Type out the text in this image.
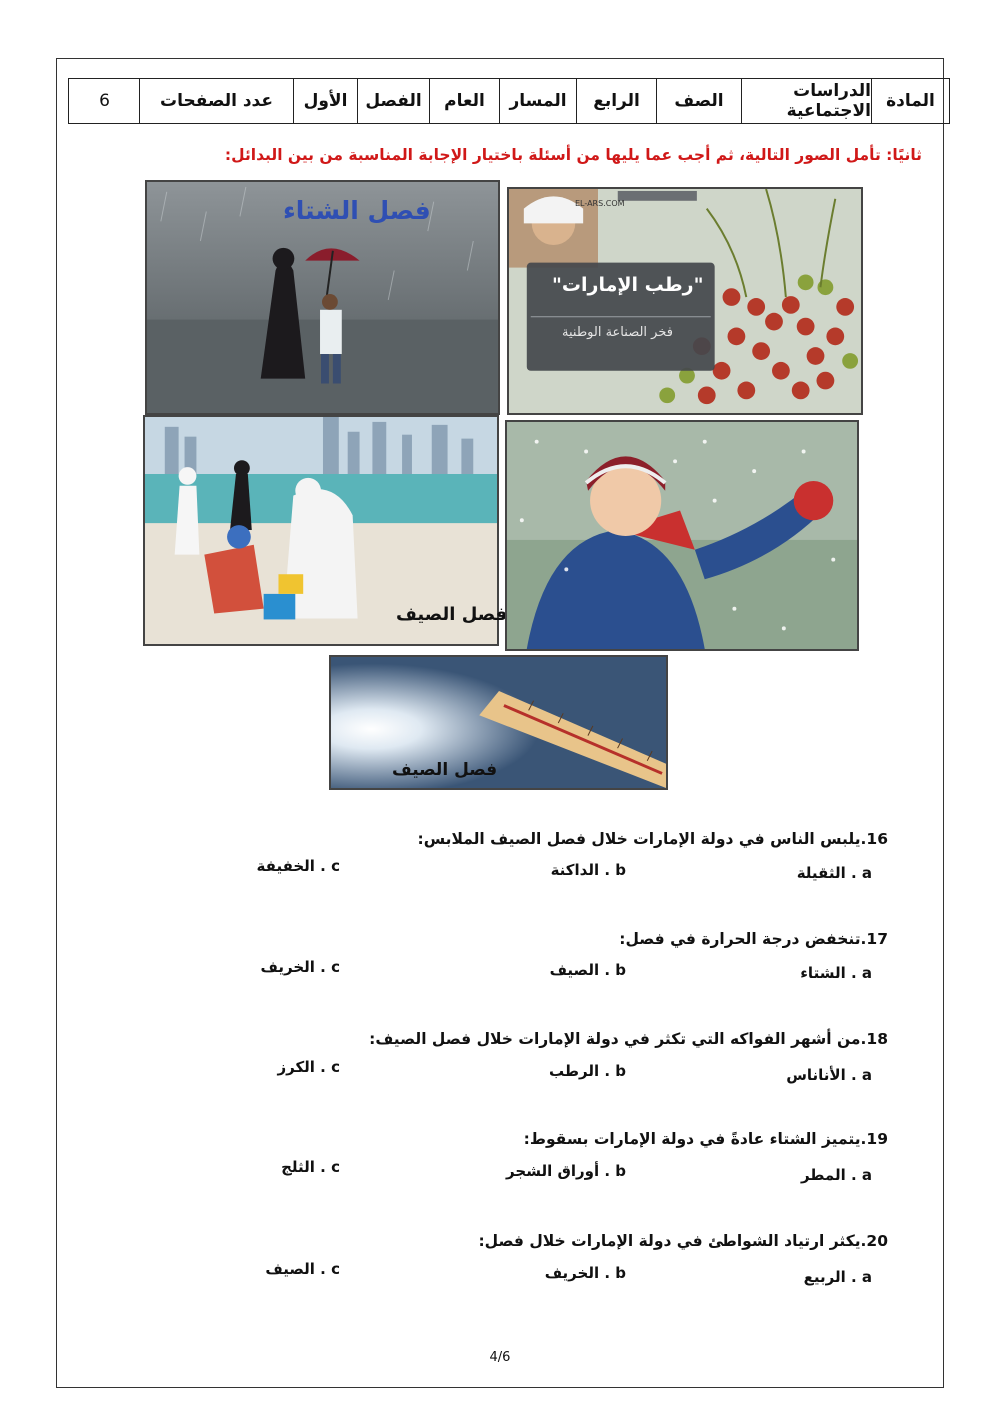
المادة
الدراسات الاجتماعية
الصف
الرابع
المسار
العام
الفصل
الأول
عدد الصفحات
6
ثانيًا: تأمل الصور التالية، ثم أجب عما يليها من أسئلة باختيار الإجابة المناسبة من بين البدائل:
فصل الشتاء	EL-ARS.COM
"رطب الإمارات"
فخر الصناعة الوطنية
فصل الصيف
فصل الصيف
16.يلبس الناس في دولة الإمارات خلال فصل الصيف الملابس:
a . الثقيلة
b . الداكنة
c . الخفيفة
17.تنخفض درجة الحرارة في فصل:
a . الشتاء
b . الصيف
c . الخريف
18.من أشهر الفواكه التي تكثر في دولة الإمارات خلال فصل الصيف:
a . الأناناس
b . الرطب
c . الكرز
19.يتميز الشتاء عادةً في دولة الإمارات بسقوط:
a . المطر
b . أوراق الشجر
c . الثلج
20.يكثر ارتياد الشواطئ في دولة الإمارات خلال فصل:
a . الربيع
b . الخريف
c . الصيف
4/6
